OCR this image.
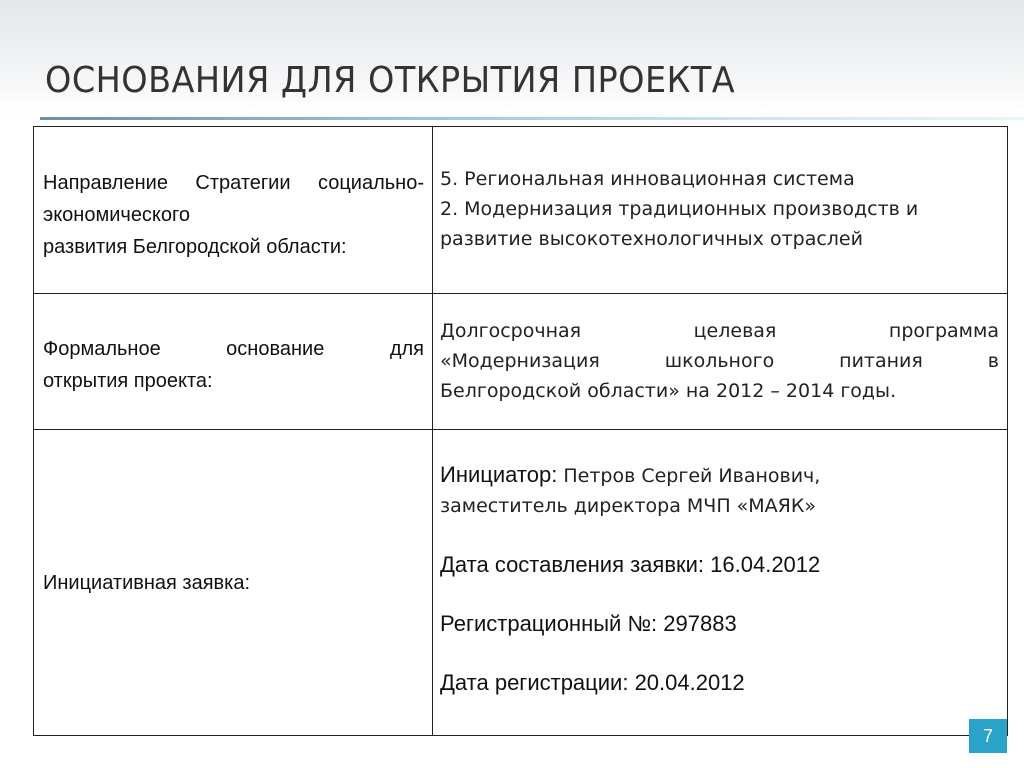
ОСНОВАНИЯ ДЛЯ ОТКРЫТИЯ ПРОЕКТА
Направление Стратегии социально-экономического
развития Белгородской области:
5. Региональная инновационная система
2. Модернизация традиционных производств и
развитие высокотехнологичных отраслей
Формальное основание для
открытия проекта:
Долгосрочная целевая программа
«Модернизация школьного питания в
Белгородской области» на 2012 – 2014 годы.
Инициативная заявка:
Инициатор: Петров Сергей Иванович,
заместитель директора МЧП «МАЯК»
Дата составления заявки: 16.04.2012
Регистрационный №: 297883
Дата регистрации: 20.04.2012
7
